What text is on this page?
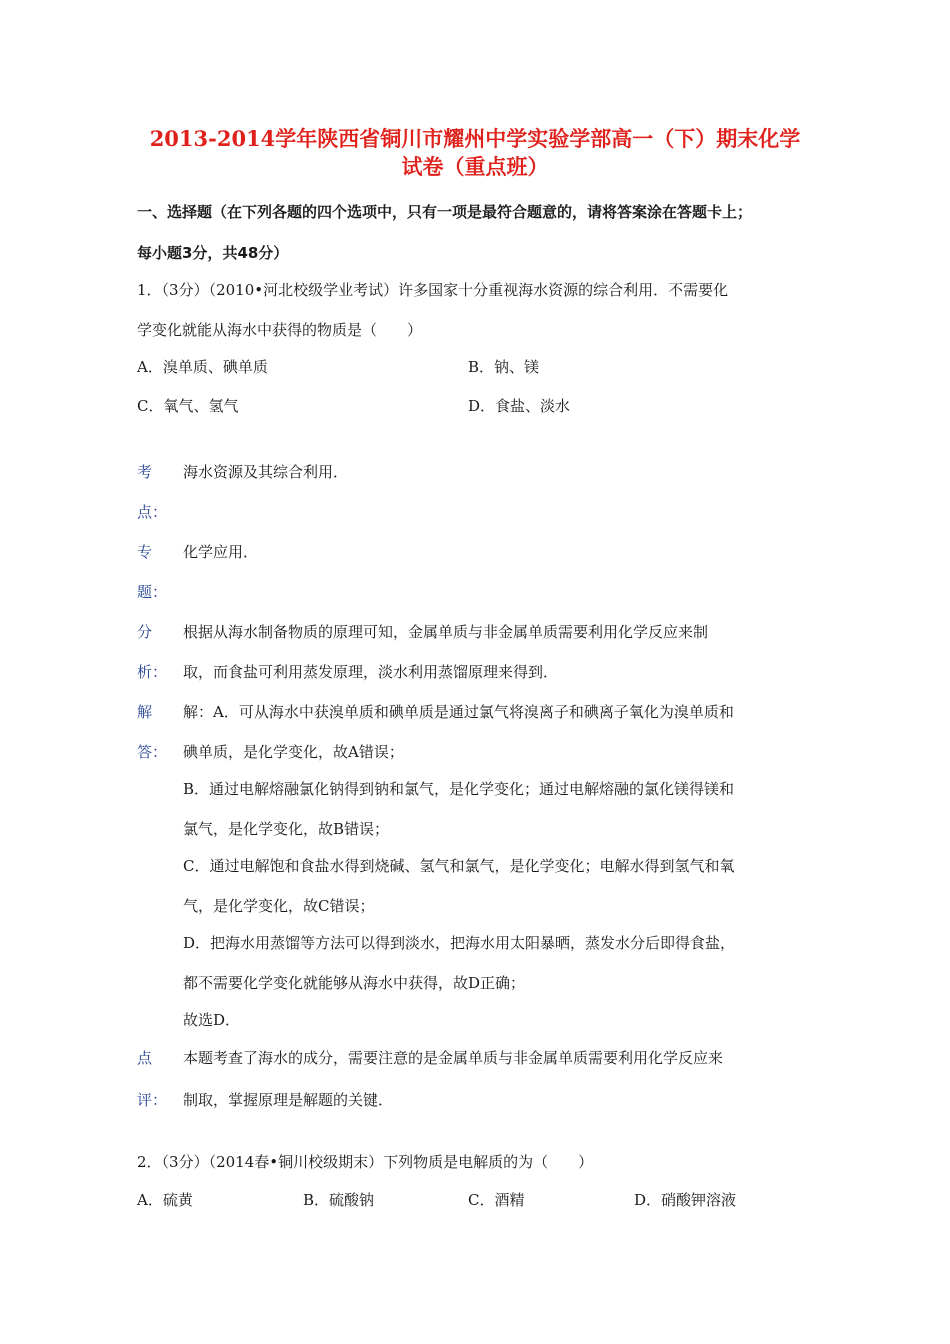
2013-2014学年陕西省铜川市耀州中学实验学部高一（下）期末化学
试卷（重点班）
一、选择题（在下列各题的四个选项中，只有一项是最符合题意的，请将答案涂在答题卡上；
每小题3分，共48分）
1．（3分）（2010•河北校级学业考试）许多国家十分重视海水资源的综合利用．不需要化
学变化就能从海水中获得的物质是（　　）
A．溴单质、碘单质	B．钠、镁
C．氧气、氢气	D．食盐、淡水
考
点：
海水资源及其综合利用．
专
题：
化学应用．
分
析：
根据从海水制备物质的原理可知，金属单质与非金属单质需要利用化学反应来制
取，而食盐可利用蒸发原理，淡水利用蒸馏原理来得到．
解
答：
解：A．可从海水中获溴单质和碘单质是通过氯气将溴离子和碘离子氧化为溴单质和
碘单质，是化学变化，故A错误；
B．通过电解熔融氯化钠得到钠和氯气，是化学变化；通过电解熔融的氯化镁得镁和
氯气，是化学变化，故B错误；
C．通过电解饱和食盐水得到烧碱、氢气和氯气，是化学变化；电解水得到氢气和氧
气，是化学变化，故C错误；
D．把海水用蒸馏等方法可以得到淡水，把海水用太阳暴晒，蒸发水分后即得食盐，
都不需要化学变化就能够从海水中获得，故D正确；
故选D．
点
评：
本题考查了海水的成分，需要注意的是金属单质与非金属单质需要利用化学反应来
制取，掌握原理是解题的关键．
2．（3分）（2014春•铜川校级期末）下列物质是电解质的为（　　）
A．硫黄	B．硫酸钠	C．酒精	D．硝酸钾溶液
